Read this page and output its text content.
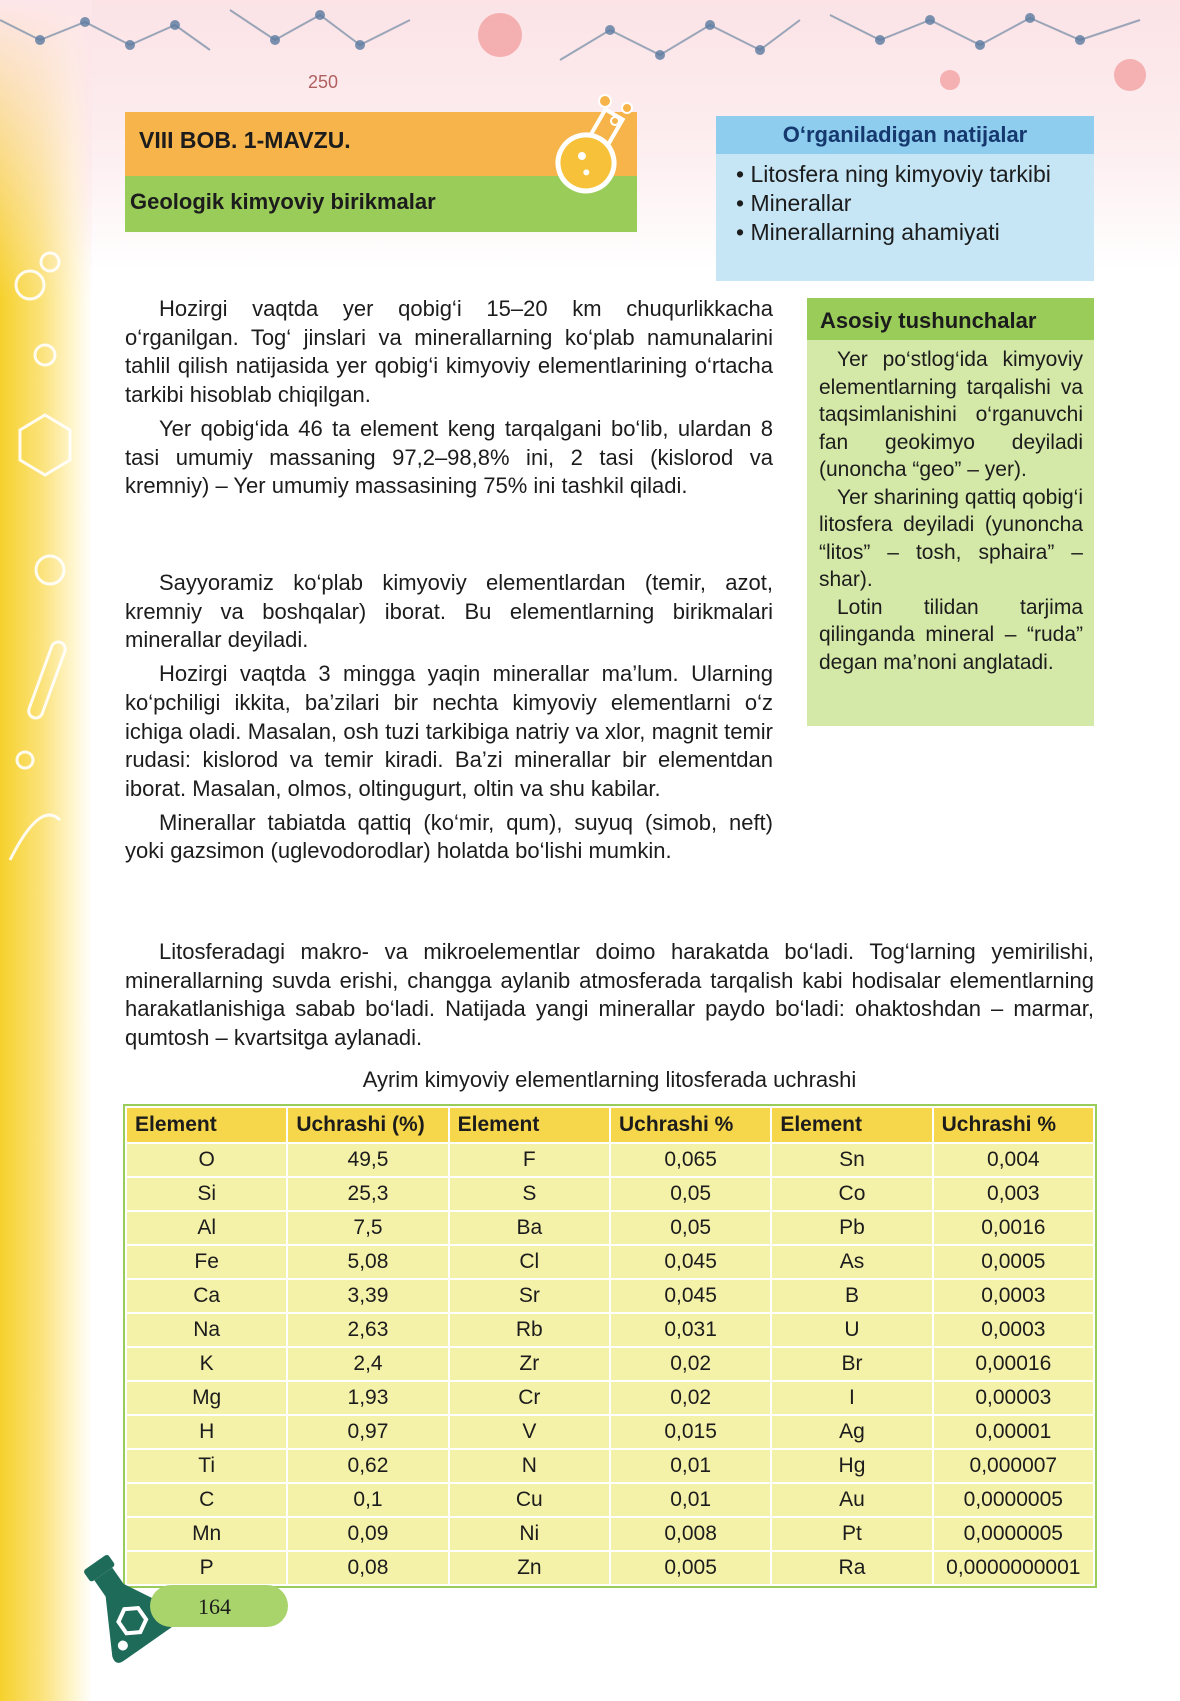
250
VIII BOB. 1-MAVZU.
Geologik kimyoviy birikmalar
O‘rganiladigan natijalar
• Litosfera ning kimyoviy tarkibi
• Minerallar
• Minerallarning ahamiyati

Hozirgi vaqtda yer qobig‘i 15–20 km chuqurlikkacha o‘rganilgan. Tog‘ jinslari va minerallarning ko‘plab namunalarini tahlil qilish natijasida yer qobig‘i kimyoviy elementlarining o‘rtacha tarkibi hisoblab chiqilgan.

Yer qobig‘ida 46 ta element keng tarqalgani bo‘lib, ulardan 8 tasi umumiy massaning 97,2–98,8% ini, 2 tasi (kislorod va kremniy) – Yer umumiy massasining 75% ini tashkil qiladi.

Sayyoramiz ko‘plab kimyoviy elementlardan (temir, azot, kremniy va boshqalar) iborat. Bu elementlarning birikmalari minerallar deyiladi.

Hozirgi vaqtda 3 mingga yaqin minerallar ma’lum. Ularning ko‘pchiligi ikkita, ba’zilari bir nechta kimyoviy elementlarni o‘z ichiga oladi. Masalan, osh tuzi tarkibiga natriy va xlor, magnit temir rudasi: kislorod va temir kiradi. Ba’zi minerallar bir elementdan iborat. Masalan, olmos, oltingugurt, oltin va shu kabilar.

Minerallar tabiatda qattiq (ko‘mir, qum), suyuq (simob, neft) yoki gazsimon (uglevodorodlar) holatda bo‘lishi mumkin.

Asosiy tushunchalar

Yer po‘stlog‘ida kimyoviy elementlarning tarqalishi va taqsimlanishini o‘rganuvchi fan geokimyo deyiladi (unoncha “geo” – yer).

Yer sharining qattiq qobig‘i litosfera deyiladi (yunoncha “litos” – tosh, sphaira” – shar).

Lotin tilidan tarjima qilinganda mineral – “ruda” degan ma’noni anglatadi.

Litosferadagi makro- va mikroelementlar doimo harakatda bo‘ladi. Tog‘larning yemirilishi, minerallarning suvda erishi, changga aylanib atmosferada tarqalish kabi hodisalar elementlarning harakatlanishiga sabab bo‘ladi. Natijada yangi minerallar paydo bo‘ladi: ohaktoshdan – marmar, qumtosh – kvartsitga aylanadi.

Ayrim kimyoviy elementlarning litosferada uchrashi
Element	Uchrashi (%)	Element	Uchrashi %	Element	Uchrashi %
O	49,5	F	0,065	Sn	0,004
Si	25,3	S	0,05	Co	0,003
Al	7,5	Ba	0,05	Pb	0,0016
Fe	5,08	Cl	0,045	As	0,0005
Ca	3,39	Sr	0,045	B	0,0003
Na	2,63	Rb	0,031	U	0,0003
K	2,4	Zr	0,02	Br	0,00016
Mg	1,93	Cr	0,02	I	0,00003
H	0,97	V	0,015	Ag	0,00001
Ti	0,62	N	0,01	Hg	0,000007
C	0,1	Cu	0,01	Au	0,0000005
Mn	0,09	Ni	0,008	Pt	0,0000005
P	0,08	Zn	0,005	Ra	0,0000000001
164
